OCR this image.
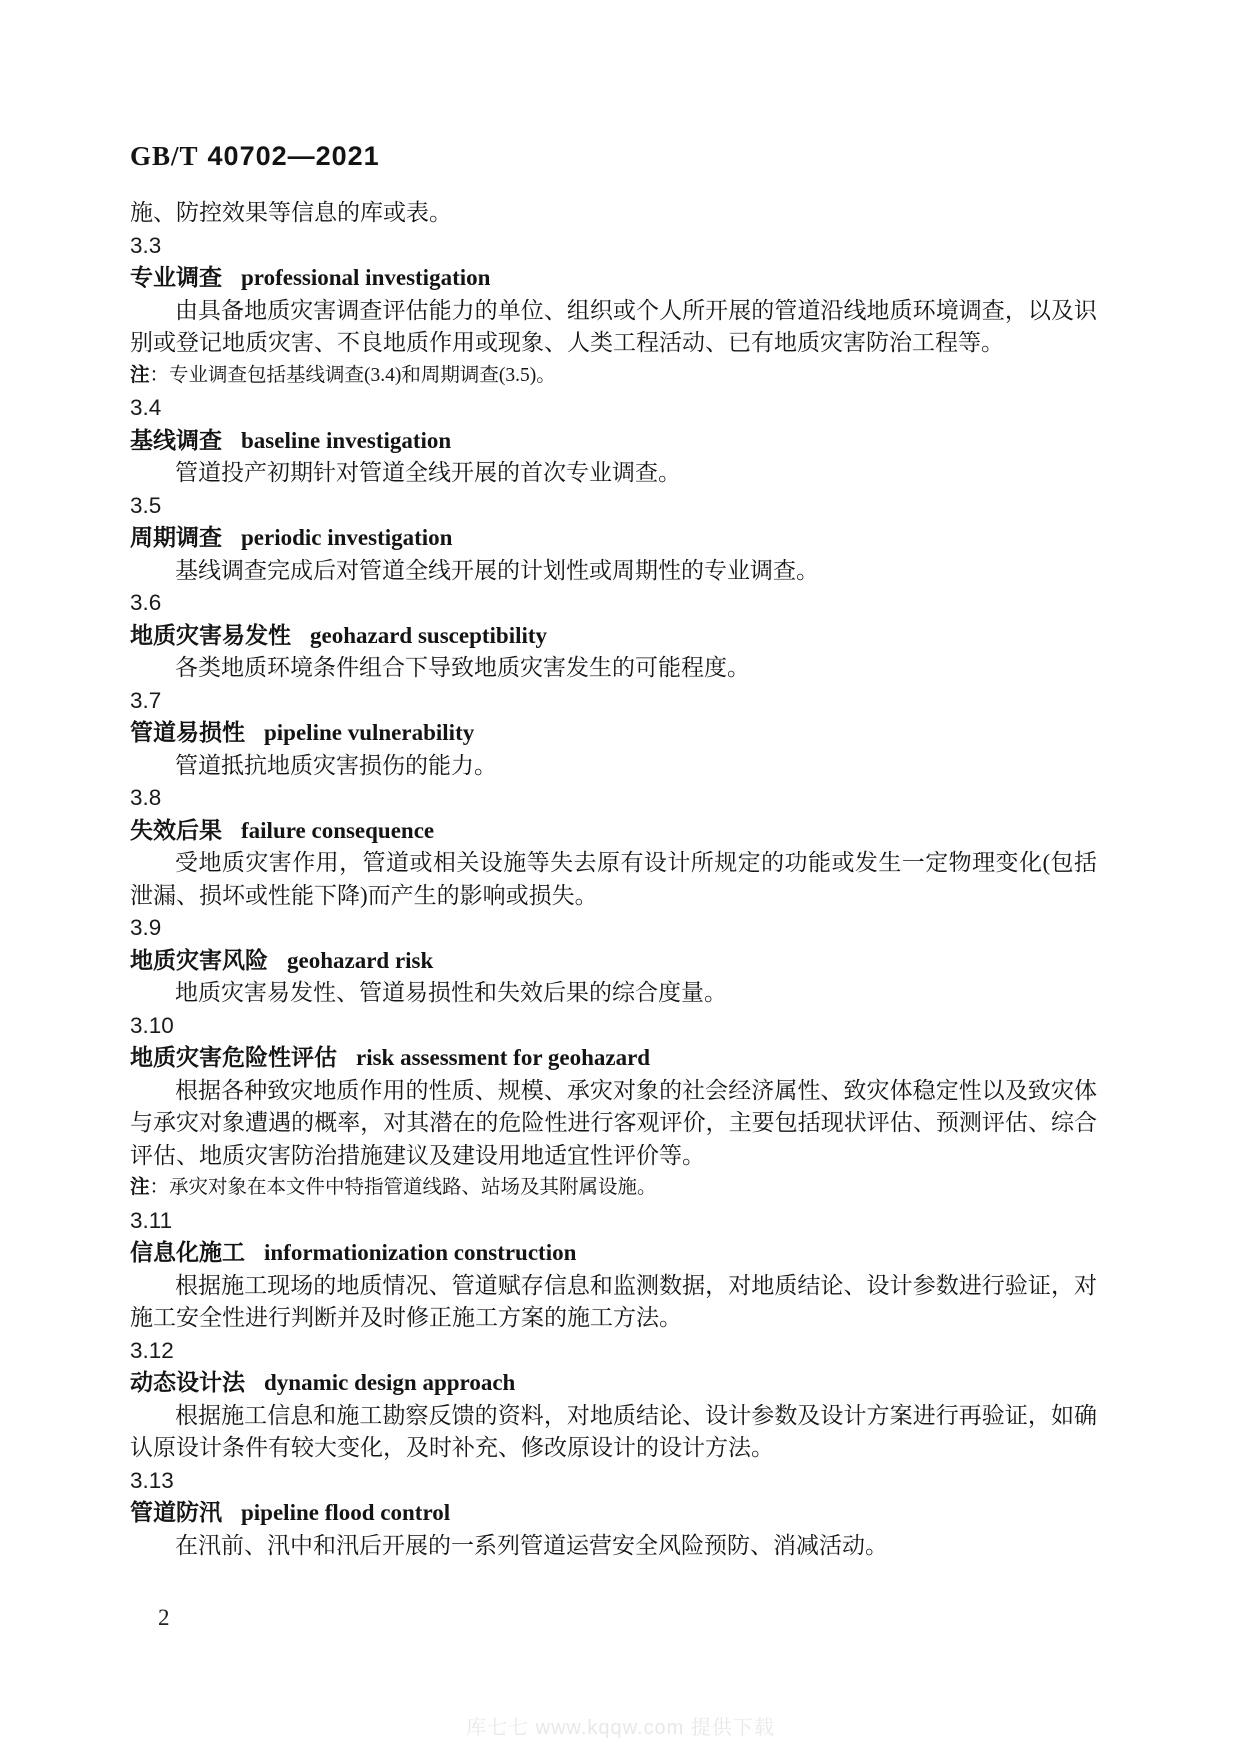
GB/T 40702—2021

施、防控效果等信息的库或表。

3.3
专业调查 professional investigation

由具备地质灾害调查评估能力的单位、组织或个人所开展的管道沿线地质环境调查，以及识别或登记地质灾害、不良地质作用或现象、人类工程活动、已有地质灾害防治工程等。

注：专业调查包括基线调查(3.4)和周期调查(3.5)。

3.4
基线调查 baseline investigation

管道投产初期针对管道全线开展的首次专业调查。

3.5
周期调查 periodic investigation

基线调查完成后对管道全线开展的计划性或周期性的专业调查。

3.6
地质灾害易发性 geohazard susceptibility

各类地质环境条件组合下导致地质灾害发生的可能程度。

3.7
管道易损性 pipeline vulnerability

管道抵抗地质灾害损伤的能力。

3.8
失效后果 failure consequence

受地质灾害作用，管道或相关设施等失去原有设计所规定的功能或发生一定物理变化(包括泄漏、损坏或性能下降)而产生的影响或损失。

3.9
地质灾害风险 geohazard risk

地质灾害易发性、管道易损性和失效后果的综合度量。

3.10
地质灾害危险性评估 risk assessment for geohazard

根据各种致灾地质作用的性质、规模、承灾对象的社会经济属性、致灾体稳定性以及致灾体与承灾对象遭遇的概率，对其潜在的危险性进行客观评价，主要包括现状评估、预测评估、综合评估、地质灾害防治措施建议及建设用地适宜性评价等。

注：承灾对象在本文件中特指管道线路、站场及其附属设施。

3.11
信息化施工 informationization construction

根据施工现场的地质情况、管道赋存信息和监测数据，对地质结论、设计参数进行验证，对施工安全性进行判断并及时修正施工方案的施工方法。

3.12
动态设计法 dynamic design approach

根据施工信息和施工勘察反馈的资料，对地质结论、设计参数及设计方案进行再验证，如确认原设计条件有较大变化，及时补充、修改原设计的设计方法。

3.13
管道防汛 pipeline flood control

在汛前、汛中和汛后开展的一系列管道运营安全风险预防、消减活动。

2
库七七 www.kqqw.com 提供下载
